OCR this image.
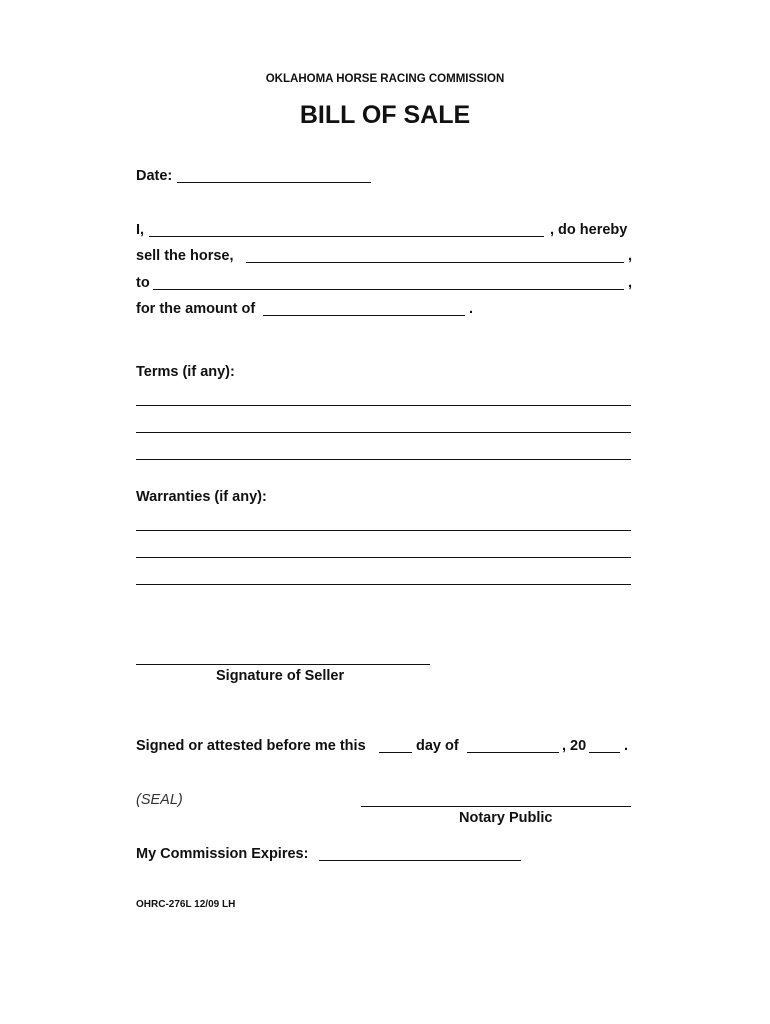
OKLAHOMA HORSE RACING COMMISSION
BILL OF SALE
Date:
I,	, do hereby
sell the horse,	,
to	,
for the amount of	.
Terms (if any):
Warranties (if any):
Signature of Seller
Signed or attested before me this	day of	, 20	.
(SEAL)
Notary Public
My Commission Expires:
OHRC-276L 12/09 LH
